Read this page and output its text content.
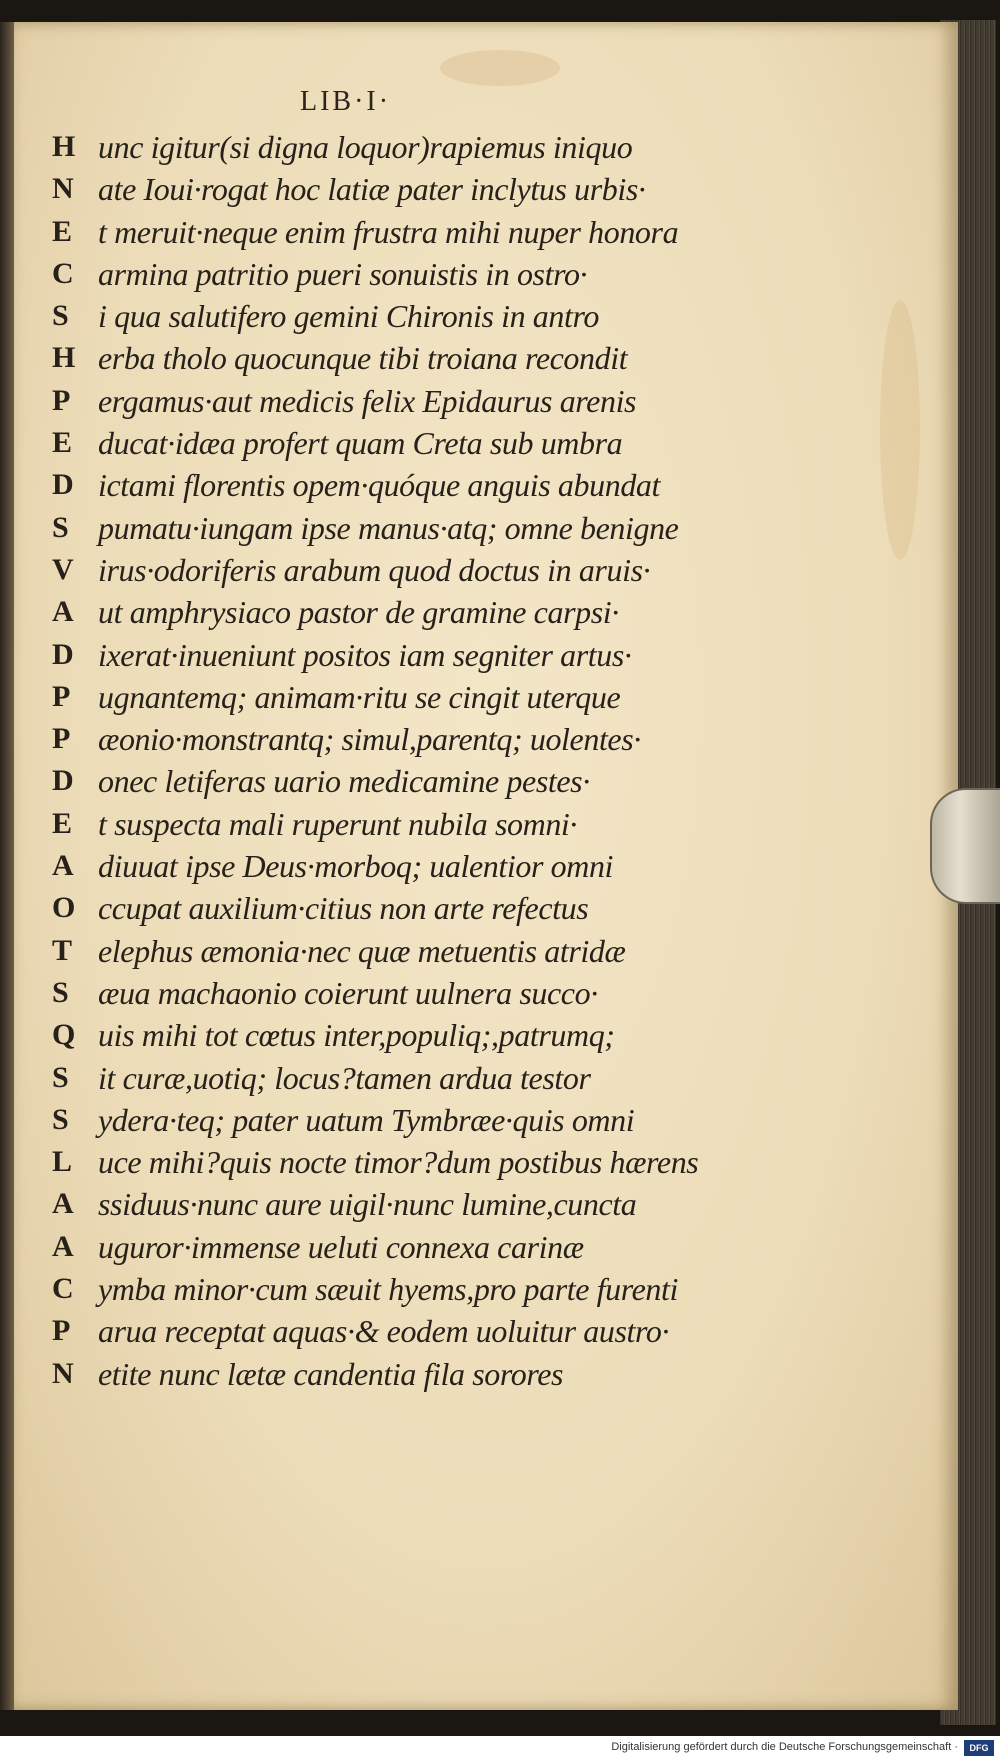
LIB·I·
H unc igitur(si digna loquor)rapiemus iniquo
N ate Ioui·rogat hoc latiæ pater inclytus urbis·
E t meruit·neque enim frustra mihi nuper honora
C armina patritio pueri sonuistis in ostro·
S i qua salutifero gemini Chironis in antro
H erba tholo quocunque tibi troiana recondit
P ergamus·aut medicis felix Epidaurus arenis
E ducat·idæa profert quam Creta sub umbra
D ictami florentis opem·quóque anguis abundat
S pumatu·iungam ipse manus·atq; omne benigne
V irus·odoriferis arabum quod doctus in aruis·
A ut amphrysiaco pastor de gramine carpsi·
D ixerat·inueniunt positos iam segniter artus·
P ugnantemq; animam·ritu se cingit uterque
P æonio·monstrantq; simul,parentq; uolentes·
D onec letiferas uario medicamine pestes·
E t suspecta mali ruperunt nubila somni·
A diuuat ipse Deus·morboq; ualentior omni
O ccupat auxilium·citius non arte refectus
T elephus æmonia·nec quæ metuentis atridæ
S æua machaonio coierunt uulnera succo·
Q uis mihi tot cœtus inter,populiq;,patrumq;
S it curæ,uotiq; locus?tamen ardua testor
S ydera·teq; pater uatum Tymbræe·quis omni
L uce mihi?quis nocte timor?dum postibus hærens
A ssiduus·nunc aure uigil·nunc lumine,cuncta
A uguror·immense ueluti connexa carinæ
C ymba minor·cum sæuit hyems,pro parte furenti
P arua receptat aquas·& eodem uoluitur austro·
N etite nunc lætæ candentia fila sorores
Digitalisierung gefördert durch die Deutsche Forschungsgemeinschaft ·	DFG
